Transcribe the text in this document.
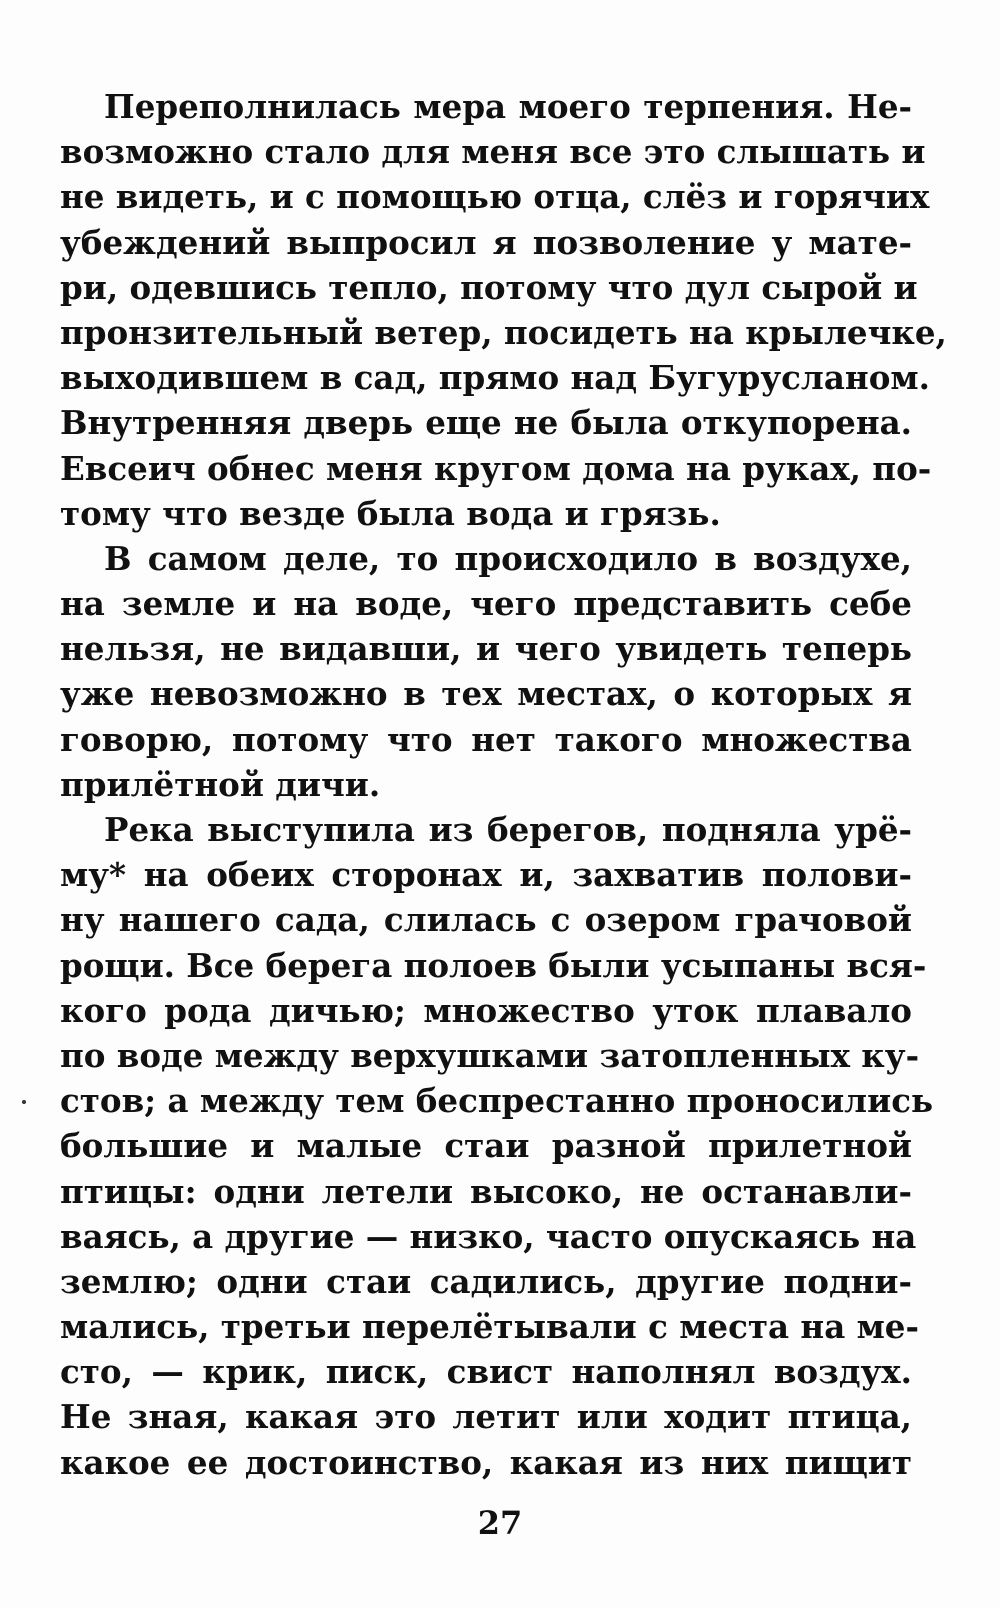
Переполнилась мера моего терпения. Не-
возможно стало для меня все это слышать и
не видеть, и с помощью отца, слёз и горячих
убеждений выпросил я позволение у мате-
ри, одевшись тепло, потому что дул сырой и
пронзительный ветер, посидеть на крылечке,
выходившем в сад, прямо над Бугурусланом.
Внутренняя дверь еще не была откупорена.
Евсеич обнес меня кругом дома на руках, по-
тому что везде была вода и грязь.
В самом деле, то происходило в воздухе,
на земле и на воде, чего представить себе
нельзя, не видавши, и чего увидеть теперь
уже невозможно в тех местах, о которых я
говорю, потому что нет такого множества
прилётной дичи.
Река выступила из берегов, подняла урё-
му* на обеих сторонах и, захватив полови-
ну нашего сада, слилась с озером грачовой
рощи. Все берега полоев были усыпаны вся-
кого рода дичью; множество уток плавало
по воде между верхушками затопленных ку-
стов; а между тем беспрестанно проносились
большие и малые стаи разной прилетной
птицы: одни летели высоко, не останавли-
ваясь, а другие — низко, часто опускаясь на
землю; одни стаи садились, другие подни-
мались, третьи перелётывали с места на ме-
сто, — крик, писк, свист наполнял воздух.
Не зная, какая это летит или ходит птица,
какое ее достоинство, какая из них пищит
27
